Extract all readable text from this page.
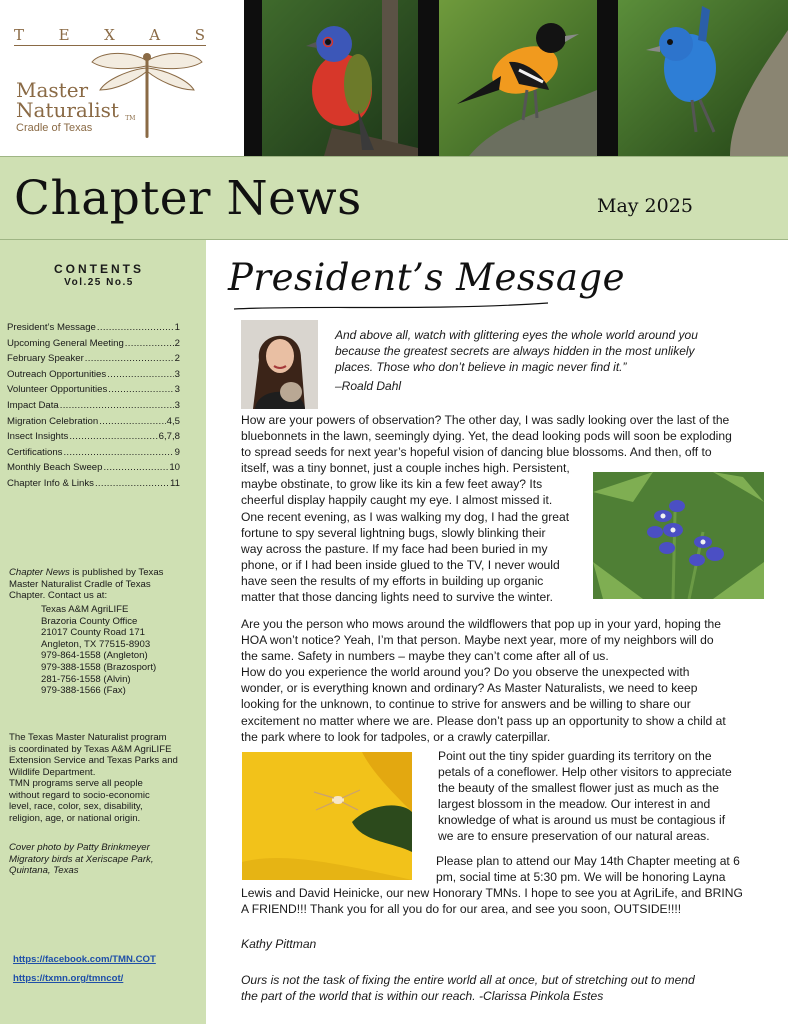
T E X A S
Master
Naturalist TM
Cradle of Texas
Chapter News	May 2025
CONTENTS
Vol.25 No.5
President’s Message .....	1
Upcoming General Meeting .....	2
February Speaker .....	2
Outreach Opportunities .....	3
Volunteer Opportunities .....	3
Impact Data .....	3
Migration Celebration .....	4,5
Insect Insights .....	6,7,8
Certifications .....	9
Monthly Beach Sweep .....	10
Chapter Info & Links .....	11
Chapter News is published by Texas
Master Naturalist Cradle of Texas
Chapter. Contact us at:
Texas A&M AgriLIFE
Brazoria County Office
21017 County Road 171
Angleton, TX 77515-8903
979-864-1558 (Angleton)
979-388-1558 (Brazosport)
281-756-1558 (Alvin)
979-388-1566 (Fax)
The Texas Master Naturalist program
is coordinated by Texas A&M AgriLIFE
Extension Service and Texas Parks and
Wildlife Department.
TMN programs serve all people
without regard to socio-economic
level, race, color, sex, disability,
religion, age, or national origin.
Cover photo by Patty Brinkmeyer
Migratory birds at Xeriscape Park,
Quintana, Texas
https://facebook.com/TMN.COT
https://txmn.org/tmncot/
President’s Message
And above all, watch with glittering eyes the whole world around you
because the greatest secrets are always hidden in the most unlikely
places. Those who don’t believe in magic never find it.”
–Roald Dahl
How are your powers of observation? The other day, I was sadly looking over the last of the
bluebonnets in the lawn, seemingly dying. Yet, the dead looking pods will soon be exploding
to spread seeds for next year’s hopeful vision of dancing blue blossoms. And then, off to
itself, was a tiny bonnet, just a couple inches high. Persistent,
maybe obstinate, to grow like its kin a few feet away? Its
cheerful display happily caught my eye. I almost missed it.
One recent evening, as I was walking my dog, I had the great
fortune to spy several lightning bugs, slowly blinking their
way across the pasture. If my face had been buried in my
phone, or if I had been inside glued to the TV, I never would
have seen the results of my efforts in building up organic
matter that those dancing lights need to survive the winter.
Are you the person who mows around the wildflowers that pop up in your yard, hoping the
HOA won’t notice? Yeah, I’m that person. Maybe next year, more of my neighbors will do
the same. Safety in numbers – maybe they can’t come after all of us.
How do you experience the world around you? Do you observe the unexpected with
wonder, or is everything known and ordinary? As Master Naturalists, we need to keep
looking for the unknown, to continue to strive for answers and be willing to share our
excitement no matter where we are. Please don’t pass up an opportunity to show a child at
the park where to look for tadpoles, or a crawly caterpillar.
Point out the tiny spider guarding its territory on the
petals of a coneflower. Help other visitors to appreciate
the beauty of the smallest flower just as much as the
largest blossom in the meadow. Our interest in and
knowledge of what is around us must be contagious if
we are to ensure preservation of our natural areas.
Please plan to attend our May 14th Chapter meeting at 6
pm, social time at 5:30 pm. We will be honoring Layna
Lewis and David Heinicke, our new Honorary TMNs. I hope to see you at AgriLife, and BRING
A FRIEND!!! Thank you for all you do for our area, and see you soon, OUTSIDE!!!!
Kathy Pittman
Ours is not the task of fixing the entire world all at once, but of stretching out to mend
the part of the world that is within our reach. -Clarissa Pinkola Estes
